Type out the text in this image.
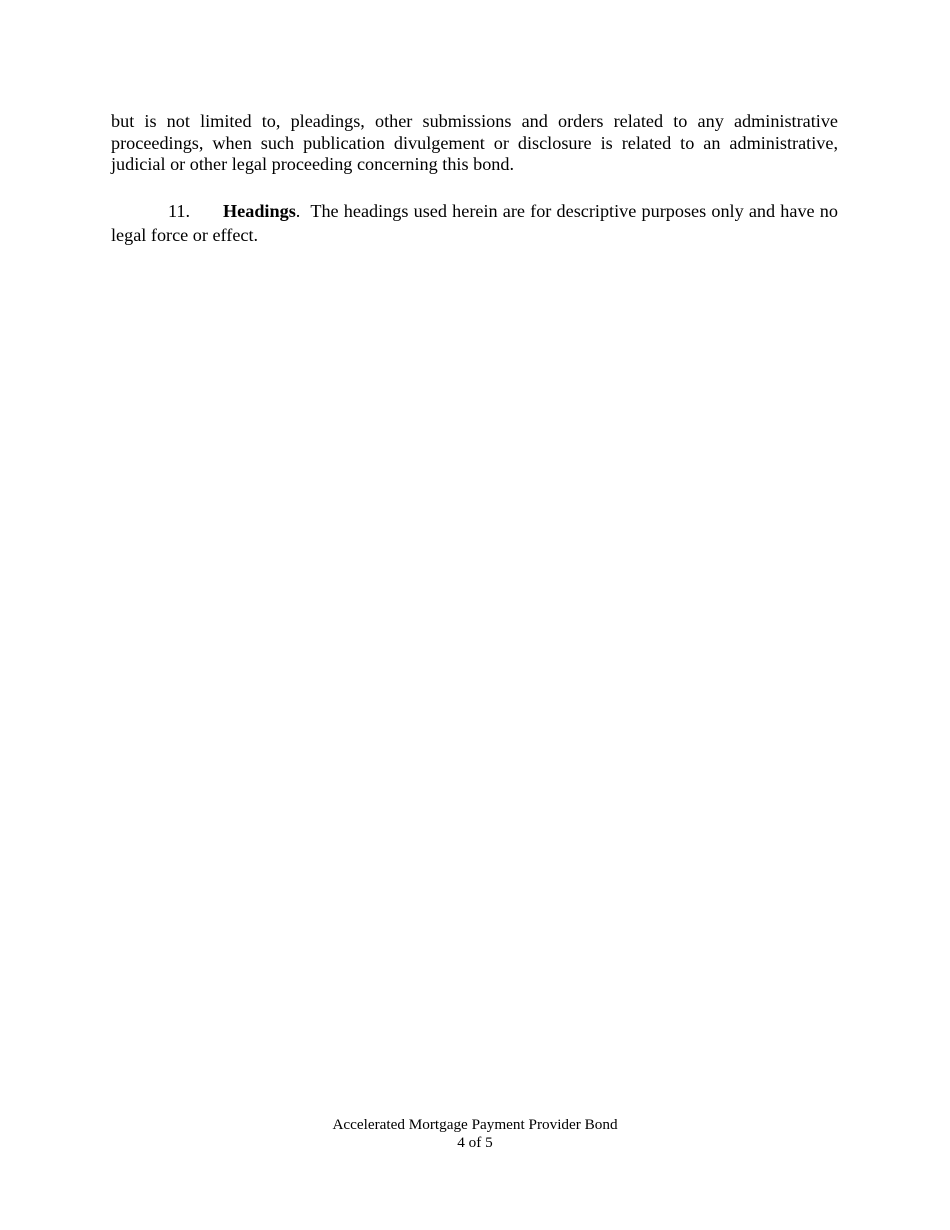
but is not limited to, pleadings, other submissions and orders related to any administrative proceedings, when such publication divulgement or disclosure is related to an administrative, judicial or other legal proceeding concerning this bond.

11. Headings.  The headings used herein are for descriptive purposes only and have no legal force or effect.

Accelerated Mortgage Payment Provider Bond
4 of 5
